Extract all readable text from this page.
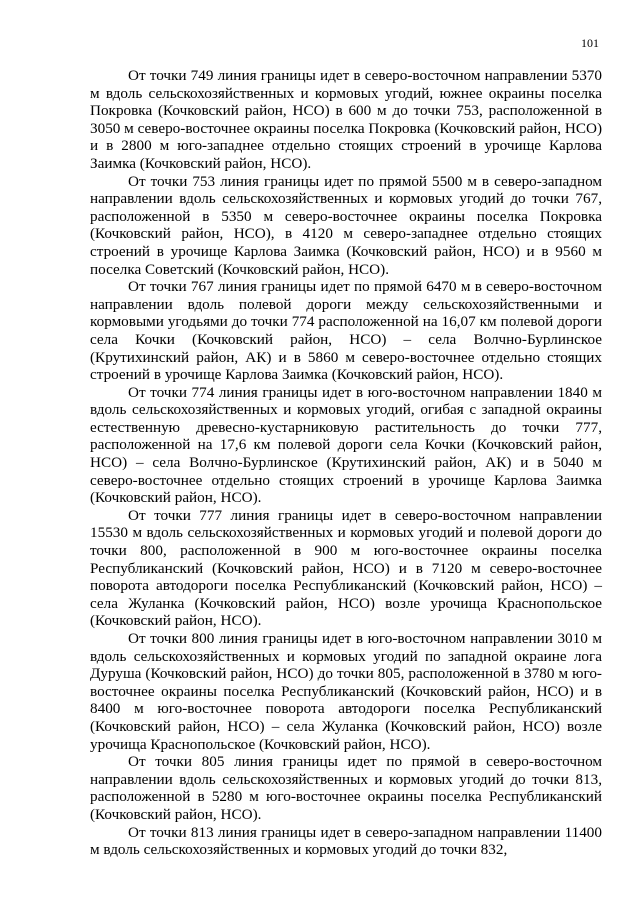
101

От точки 749 линия границы идет в северо-восточном направлении 5370 м вдоль сельскохозяйственных и кормовых угодий, южнее окраины поселка Покровка (Кочковский район, НСО) в 600 м до точки 753, расположенной в 3050 м северо-восточнее окраины поселка Покровка (Кочковский район, НСО) и в 2800 м юго-западнее отдельно стоящих строений в урочище Карлова Заимка (Кочковский район, НСО).

От точки 753 линия границы идет по прямой 5500 м в северо-западном направлении вдоль сельскохозяйственных и кормовых угодий до точки 767, расположенной в 5350 м северо-восточнее окраины поселка Покровка (Кочковский район, НСО), в 4120 м северо-западнее отдельно стоящих строений в урочище Карлова Заимка (Кочковский район, НСО) и в 9560 м поселка Советский (Кочковский район, НСО).

От точки 767 линия границы идет по прямой 6470 м в северо-восточном направлении вдоль полевой дороги между сельскохозяйственными и кормовыми угодьями до точки 774 расположенной на 16,07 км полевой дороги села Кочки (Кочковский район, НСО) – села Волчно-Бурлинское (Крутихинский район, АК) и в 5860 м северо-восточнее отдельно стоящих строений в урочище Карлова Заимка (Кочковский район, НСО).

От точки 774 линия границы идет в юго-восточном направлении 1840 м вдоль сельскохозяйственных и кормовых угодий, огибая с западной окраины естественную древесно-кустарниковую растительность до точки 777, расположенной на 17,6 км полевой дороги села Кочки (Кочковский район, НСО) – села Волчно-Бурлинское (Крутихинский район, АК) и в 5040 м северо-восточнее отдельно стоящих строений в урочище Карлова Заимка (Кочковский район, НСО).

От точки 777 линия границы идет в северо-восточном направлении 15530 м вдоль сельскохозяйственных и кормовых угодий и полевой дороги до точки 800, расположенной в 900 м юго-восточнее окраины поселка Республиканский (Кочковский район, НСО) и в 7120 м северо-восточнее поворота автодороги поселка Республиканский (Кочковский район, НСО) – села Жуланка (Кочковский район, НСО) возле урочища Краснопольское (Кочковский район, НСО).

От точки 800 линия границы идет в юго-восточном направлении 3010 м вдоль сельскохозяйственных и кормовых угодий по западной окраине лога Дуруша (Кочковский район, НСО) до точки 805, расположенной в 3780 м юго-восточнее окраины поселка Республиканский (Кочковский район, НСО) и в 8400 м юго-восточнее поворота автодороги поселка Республиканский (Кочковский район, НСО) – села Жуланка (Кочковский район, НСО) возле урочища Краснопольское (Кочковский район, НСО).

От точки 805 линия границы идет по прямой в северо-восточном направлении вдоль сельскохозяйственных и кормовых угодий до точки 813, расположенной в 5280 м юго-восточнее окраины поселка Республиканский (Кочковский район, НСО).

От точки 813 линия границы идет в северо-западном направлении 11400 м вдоль сельскохозяйственных и кормовых угодий до точки 832,
